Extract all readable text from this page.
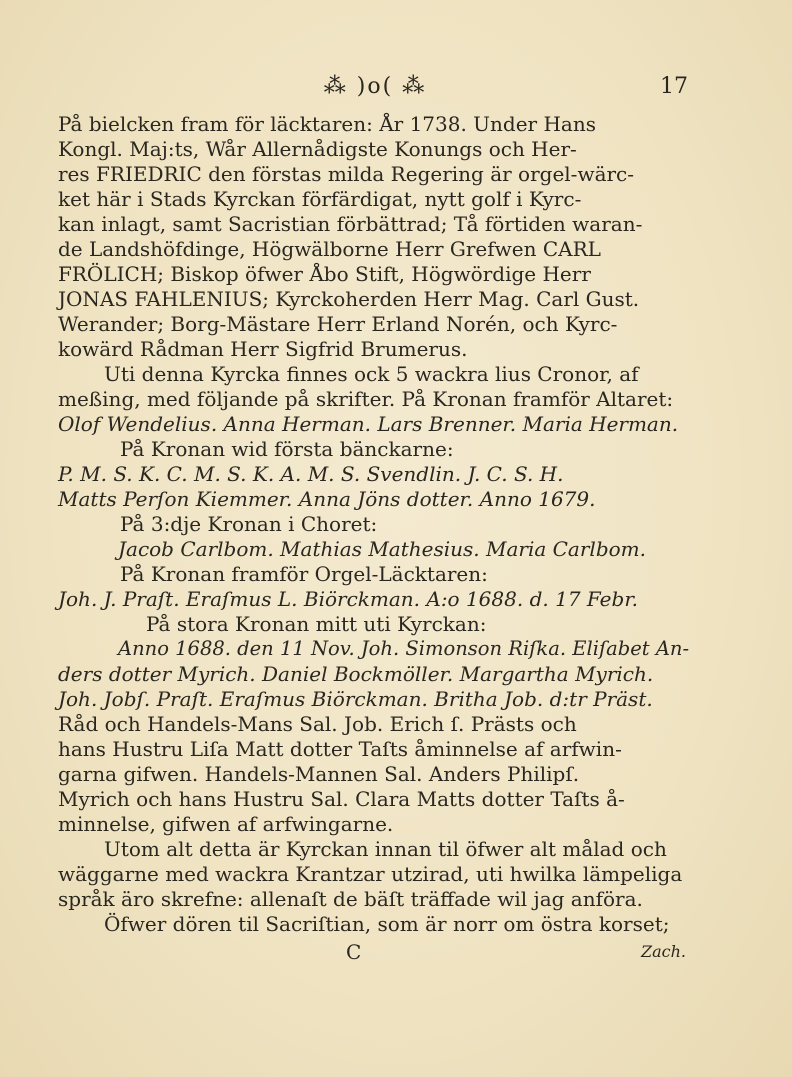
⁂ )o( ⁂	17
På bielcken fram för läcktaren: År 1738. Under Hans
Kongl. Maj:ts, Wår Allernådigste Konungs och Her-
res FRIEDRIC den förstas milda Regering är orgel-wärc-
ket här i Stads Kyrckan förfärdigat, nytt golf i Kyrc-
kan inlagt, samt Sacristian förbättrad; Tå förtiden waran-
de Landshöfdinge, Högwälborne Herr Grefwen CARL
FRÖLICH; Biskop öfwer Åbo Stift, Högwördige Herr
JONAS FAHLENIUS; Kyrckoherden Herr Mag. Carl Gust.
Werander; Borg-Mästare Herr Erland Norén, och Kyrc-
kowärd Rådman Herr Sigfrid Brumerus.
Uti denna Kyrcka finnes ock 5 wackra lius Cronor, af
meßing, med följande på skrifter. På Kronan framför Altaret:
Olof Wendelius. Anna Herman. Lars Brenner. Maria Herman.
På Kronan wid första bänckarne:
P. M. S. K. C. M. S. K. A. M. S. Svendlin. J. C. S. H.
Matts Perſon Kiemmer. Anna Jöns dotter. Anno 1679.
På 3:dje Kronan i Choret:
Jacob Carlbom. Mathias Mathesius. Maria Carlbom.
På Kronan framför Orgel-Läcktaren:
Joh. J. Praſt. Eraſmus L. Biörckman. A:o 1688. d. 17 Febr.
På stora Kronan mitt uti Kyrckan:
Anno 1688. den 11 Nov. Joh. Simonson Riſka. Eliſabet An-
ders dotter Myrich. Daniel Bockmöller. Margartha Myrich.
Joh. Jobſ. Praſt. Eraſmus Biörckman. Britha Job. d:tr Präst.
Råd och Handels-Mans Sal. Job. Erich ſ. Prästs och
hans Hustru Liſa Matt dotter Taſts åminnelse af arfwin-
garna gifwen. Handels-Mannen Sal. Anders Philipſ.
Myrich och hans Hustru Sal. Clara Matts dotter Taſts å-
minnelse, gifwen af arfwingarne.
Utom alt detta är Kyrckan innan til öfwer alt målad och
wäggarne med wackra Krantzar utzirad, uti hwilka lämpeliga
språk äro skrefne: allenaſt de bäſt träffade wil jag anföra.
Öfwer dören til Sacriſtian, som är norr om östra korset;
C	Zach.
